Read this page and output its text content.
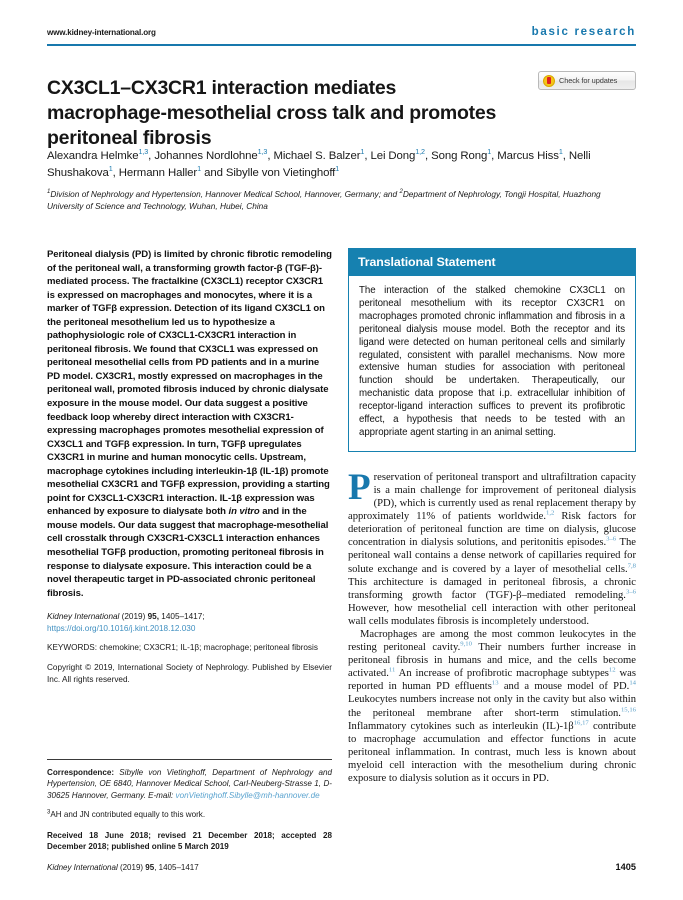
www.kidney-international.org	basic research
CX3CL1–CX3CR1 interaction mediates macrophage-mesothelial cross talk and promotes peritoneal fibrosis
Check for updates
Alexandra Helmke$^{1,3}$, Johannes Nordlohne$^{1,3}$, Michael S. Balzer$^1$, Lei Dong$^{1,2}$, Song Rong$^1$, Marcus Hiss$^1$, Nelli Shushakova$^1$, Hermann Haller$^1$ and Sibylle von Vietinghoff$^1$
$^1$Division of Nephrology and Hypertension, Hannover Medical School, Hannover, Germany; and $^2$Department of Nephrology, Tongji Hospital, Huazhong University of Science and Technology, Wuhan, Hubei, China
Peritoneal dialysis (PD) is limited by chronic fibrotic remodeling of the peritoneal wall, a transforming growth factor-β (TGF-β)-mediated process. The fractalkine (CX3CL1) receptor CX3CR1 is expressed on macrophages and monocytes, where it is a marker of TGFβ expression. Detection of its ligand CX3CL1 on the peritoneal mesothelium led us to hypothesize a pathophysiologic role of CX3CL1-CX3CR1 interaction in peritoneal fibrosis. We found that CX3CL1 was expressed on peritoneal mesothelial cells from PD patients and in a murine PD model. CX3CR1, mostly expressed on macrophages in the peritoneal wall, promoted fibrosis induced by chronic dialysate exposure in the mouse model. Our data suggest a positive feedback loop whereby direct interaction with CX3CR1-expressing macrophages promotes mesothelial expression of CX3CL1 and TGFβ expression. In turn, TGFβ upregulates CX3CR1 in murine and human monocytic cells. Upstream, macrophage cytokines including interleukin-1β (IL-1β) promote mesothelial CX3CR1 and TGFβ expression, providing a starting point for CX3CL1-CX3CR1 interaction. IL-1β expression was enhanced by exposure to dialysate both in vitro and in the mouse models. Our data suggest that macrophage-mesothelial cell crosstalk through CX3CR1-CX3CL1 interaction enhances mesothelial TGFβ production, promoting peritoneal fibrosis in response to dialysate exposure. This interaction could be a novel therapeutic target in PD-associated chronic peritoneal fibrosis.
Kidney International (2019) 95, 1405–1417; https://doi.org/10.1016/j.kint.2018.12.030
KEYWORDS: chemokine; CX3CR1; IL-1β; macrophage; peritoneal fibrosis
Copyright © 2019, International Society of Nephrology. Published by Elsevier Inc. All rights reserved.
Correspondence: Sibylle von Vietinghoff, Department of Nephrology and Hypertension, OE 6840, Hannover Medical School, Carl-Neuberg-Strasse 1, D-30625 Hannover, Germany. E-mail: vonVietinghoff.Sibylle@mh-hannover.de
$^3$AH and JN contributed equally to this work.
Received 18 June 2018; revised 21 December 2018; accepted 28 December 2018; published online 5 March 2019
Translational Statement
The interaction of the stalked chemokine CX3CL1 on peritoneal mesothelium with its receptor CX3CR1 on macrophages promoted chronic inflammation and fibrosis in a peritoneal dialysis mouse model. Both the receptor and its ligand were detected on human peritoneal cells and similarly regulated, consistent with parallel mechanisms. Now more extensive human studies for association with peritoneal function should be undertaken. Therapeutically, our mechanistic data propose that i.p. extracellular inhibition of receptor-ligand interaction suffices to prevent its profibrotic effect, a hypothesis that needs to be tested with an appropriate agent starting in an animal setting.

Preservation of peritoneal transport and ultrafiltration capacity is a main challenge for improvement of peritoneal dialysis (PD), which is currently used as renal replacement therapy by approximately 11% of patients worldwide.$^{1,2}$ Risk factors for deterioration of peritoneal function are time on dialysis, glucose concentration in dialysis solutions, and peritonitis episodes.$^{3-6}$ The peritoneal wall contains a dense network of capillaries required for solute exchange and is covered by a layer of mesothelial cells.$^{7,8}$ This architecture is damaged in peritoneal fibrosis, a chronic transforming growth factor (TGF)-β–mediated remodeling.$^{3-6}$ However, how mesothelial cell interaction with other peritoneal wall cells modulates fibrosis is incompletely understood.

Macrophages are among the most common leukocytes in the resting peritoneal cavity.$^{9,10}$ Their numbers further increase in peritoneal fibrosis in humans and mice, and the cells become activated.$^{11}$ An increase of profibrotic macrophage subtypes$^{12}$ was reported in human PD effluents$^{13}$ and a mouse model of PD.$^{14}$ Leukocytes numbers increase not only in the cavity but also within the peritoneal membrane after short-term stimulation.$^{15,16}$ Inflammatory cytokines such as interleukin $(IL)-1\beta^{16,17}$ contribute to macrophage accumulation and effector functions in acute peritoneal inflammation. In contrast, much less is known about myeloid cell interaction with the mesothelium during chronic exposure to dialysis solution as it occurs in PD.

Kidney International (2019) 95, 1405–1417	1405
